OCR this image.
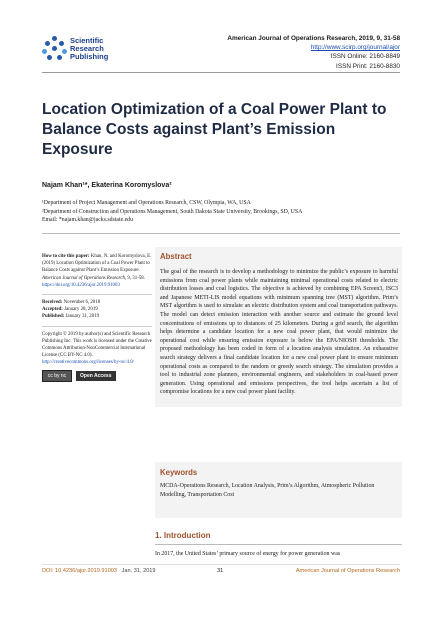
Scientific
Research
Publishing
American Journal of Operations Research, 2019, 9, 31-58
http://www.scirp.org/journal/ajor
ISSN Online: 2160-8849
ISSN Print: 2160-8830
Location Optimization of a Coal Power Plant to Balance Costs against Plant’s Emission Exposure
Najam Khan¹*, Ekaterina Koromyslova²
¹Department of Project Management and Operations Research, CSW, Olympia, WA, USA
²Department of Construction and Operations Management, South Dakota State University, Brookings, SD, USA
Email: *najam.khan@jacks.sdstate.edu

How to cite this paper: Khan, N. and Koromyslova, E. (2019) Location Optimization of a Coal Power Plant to Balance Costs against Plant’s Emission Exposure. American Journal of Operations Research, 9, 31-58. https://doi.org/10.4236/ajor.2019.91003

Received: November 6, 2018

Accepted: January 28, 2019

Published: January 31, 2019

Copyright © 2019 by author(s) and Scientific Research Publishing Inc. This work is licensed under the Creative Commons Attribution-NonCommercial International License (CC BY-NC 4.0).

http://creativecommons.org/licenses/by-nc/4.0/

cc by nc	Open Access
Abstract
The goal of the research is to develop a methodology to minimize the public’s exposure to harmful emissions from coal power plants while maintaining minimal operational costs related to electric distribution losses and coal logistics. The objective is achieved by combining EPA Screen3, ISC3 and Japanese METI-LIS model equations with minimum spanning tree (MST) algorithm. Prim’s MST algorithm is used to simulate an electric distribution system and coal transportation pathways. The model can detect emission interaction with another source and estimate the ground level concentrations of emissions up to distances of 25 kilometers. During a grid search, the algorithm helps determine a candidate location for a new coal power plant, that would minimize the operational cost while ensuring emission exposure is below the EPA/NIOSH thresholds. The proposed methodology has been coded in form of a location analysis simulation. An exhaustive search strategy delivers a final candidate location for a new coal power plant to ensure minimum operational costs as compared to the random or greedy search strategy. The simulation provides a tool to industrial zone planners, environmental engineers, and stakeholders in coal-based power generation. Using operational and emissions perspectives, the tool helps ascertain a list of compromise locations for a new coal power plant facility.
Keywords
MCDA-Operations Research, Location Analysis, Prim’s Algorithm, Atmospheric Pollution Modelling, Transportation Cost
1. Introduction
In 2017, the United States’ primary source of energy for power generation was
DOI: 10.4236/ajor.2019.91003 Jan. 31, 2019	31	American Journal of Operations Research
